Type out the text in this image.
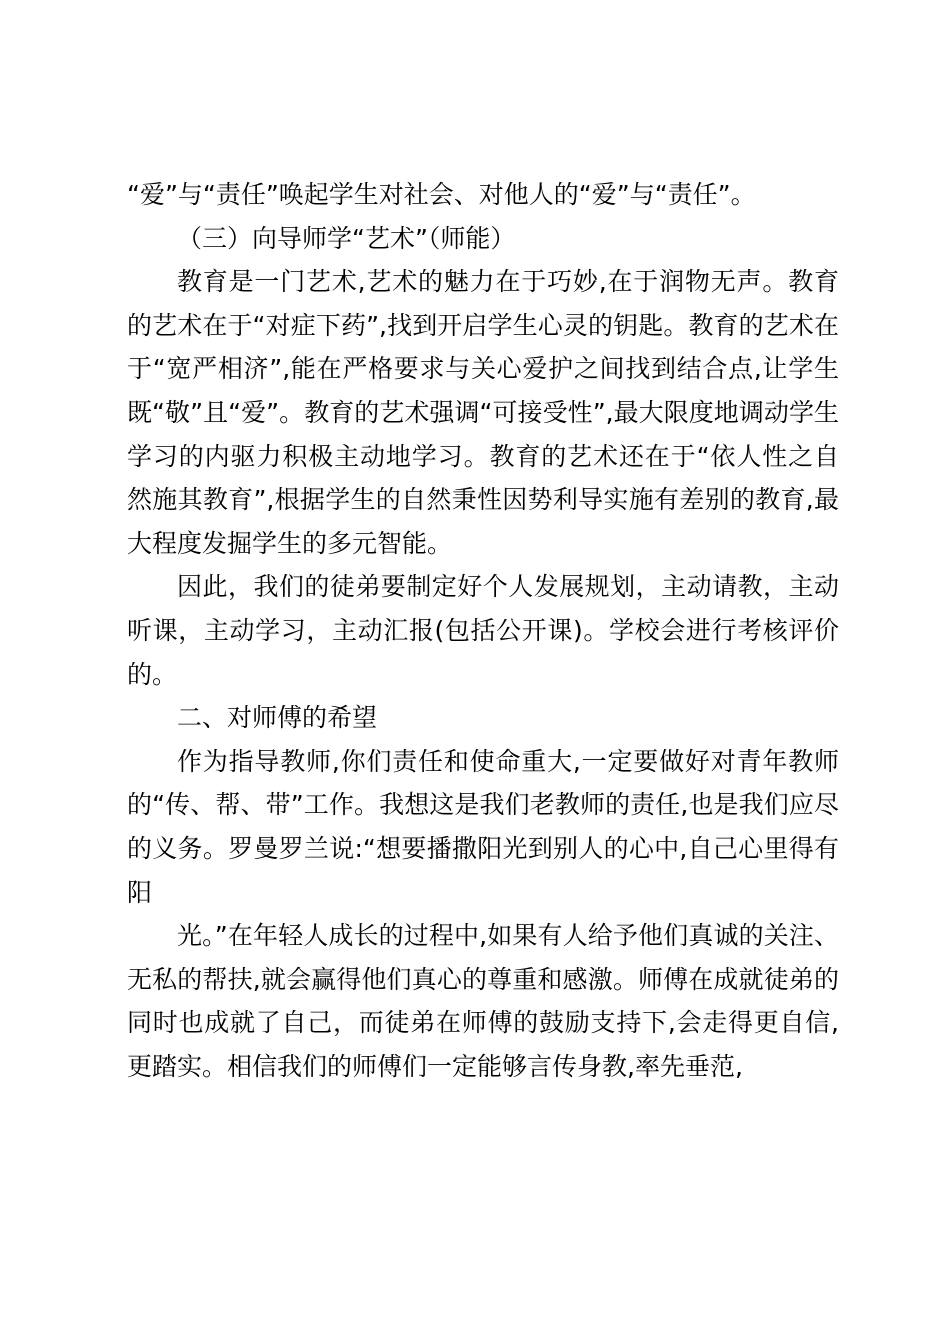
“爱”与“责任”唤起学生对社会、对他人的“爱”与“责任”。

（三）向导师学“艺术”（师能）

教育是一门艺术,艺术的魅力在于巧妙,在于润物无声。教育的艺术在于“对症下药”,找到开启学生心灵的钥匙。教育的艺术在于“宽严相济”,能在严格要求与关心爱护之间找到结合点,让学生既“敬”且“爱”。教育的艺术强调“可接受性”,最大限度地调动学生学习的内驱力积极主动地学习。教育的艺术还在于“依人性之自然施其教育”,根据学生的自然秉性因势利导实施有差别的教育,最大程度发掘学生的多元智能。

因此，我们的徒弟要制定好个人发展规划，主动请教，主动听课，主动学习，主动汇报(包括公开课)。学校会进行考核评价的。

二、对师傅的希望

作为指导教师,你们责任和使命重大,一定要做好对青年教师的“传、帮、带”工作。我想这是我们老教师的责任,也是我们应尽的义务。罗曼罗兰说:“想要播撒阳光到别人的心中,自己心里得有阳

光。”在年轻人成长的过程中,如果有人给予他们真诚的关注、无私的帮扶,就会赢得他们真心的尊重和感激。师傅在成就徒弟的同时也成就了自己，而徒弟在师傅的鼓励支持下,会走得更自信,更踏实。相信我们的师傅们一定能够言传身教,率先垂范,
